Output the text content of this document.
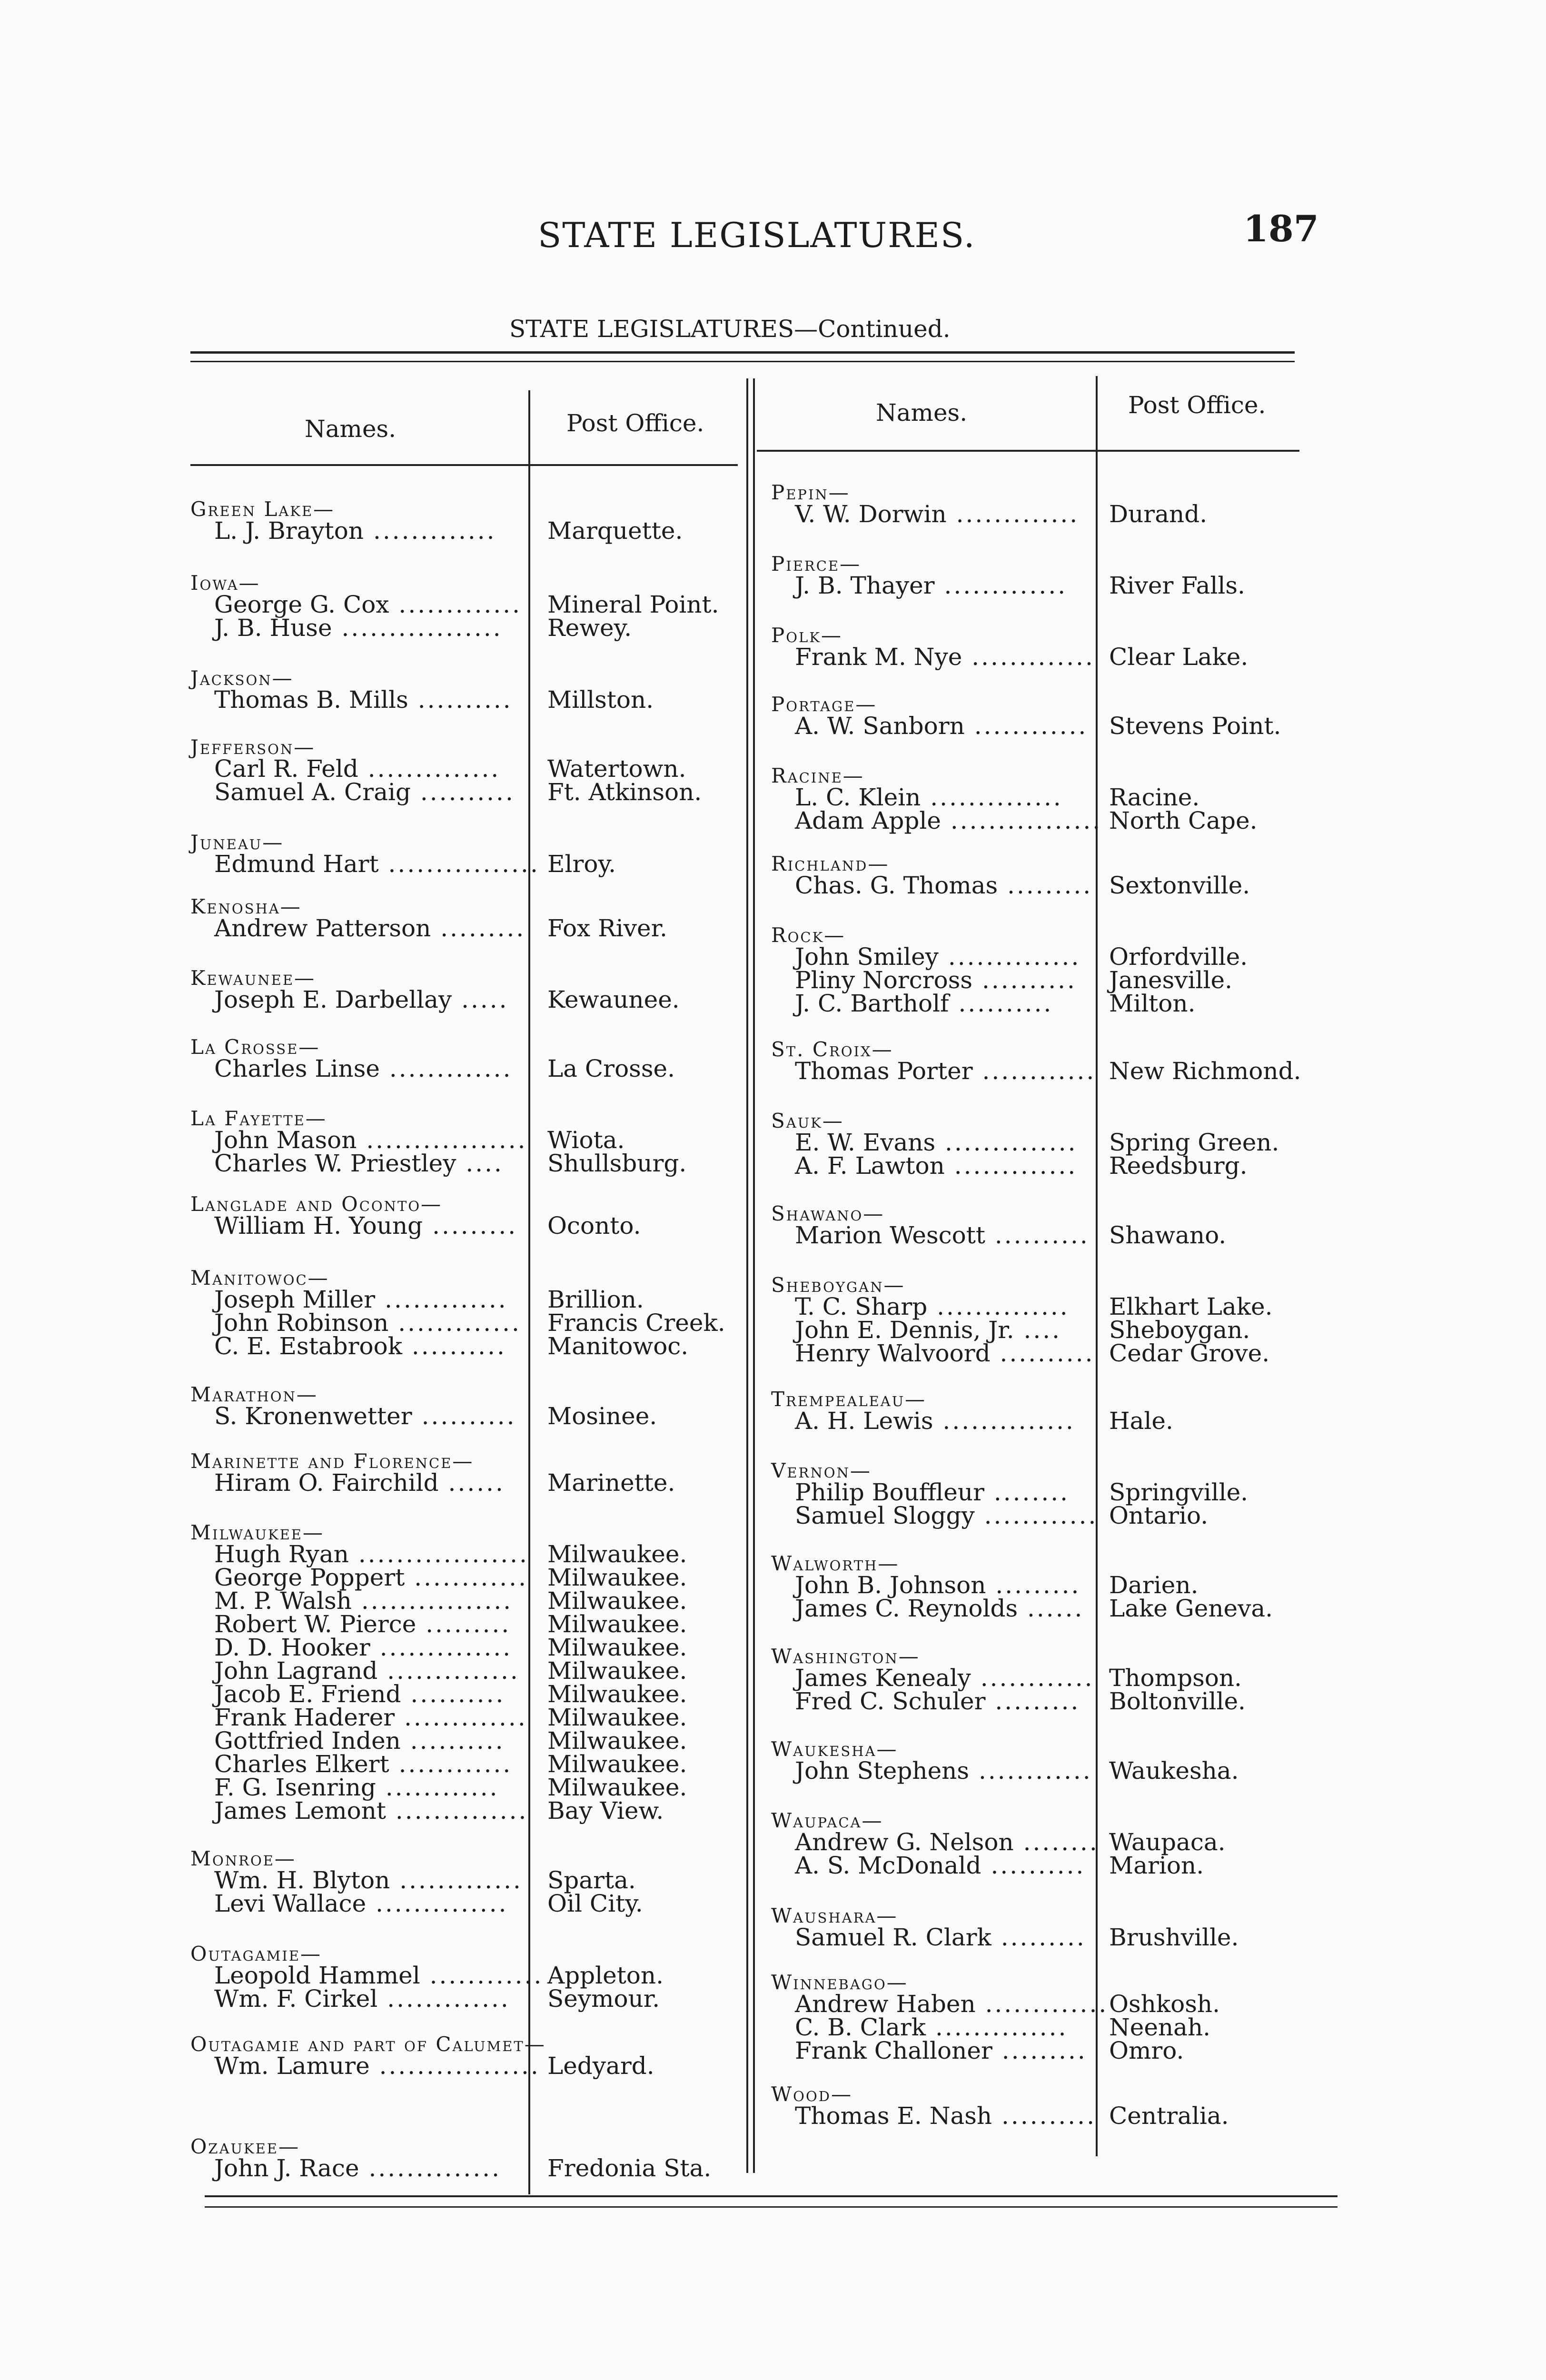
STATE LEGISLATURES.	187
STATE LEGISLATURES—Continued.
Names.	Post Office.	Names.	Post Office.
Green Lake—
L. J. Brayton .............	Marquette.
Iowa—
George G. Cox ............. Mineral Point.
J. B. Huse .................	Rewey.
Jackson—
Thomas B. Mills .......... Millston.
Jefferson—
Carl R. Feld ..............	Watertown.
Samuel A. Craig .......... Ft. Atkinson.
Juneau—
Edmund Hart ................ Elroy.
Kenosha—
Andrew Patterson ......... Fox River.
Kewaunee—
Joseph E. Darbellay .....	Kewaunee.
La Crosse—
Charles Linse ............. La Crosse.
La Fayette—
John Mason ................. Wiota.
Charles W. Priestley ....	Shullsburg.
Langlade and Oconto—
William H. Young ......... Oconto.
Manitowoc—
Joseph Miller .............	Brillion.
John Robinson ............. Francis Creek.
C. E. Estabrook ..........	Manitowoc.
Marathon—
S. Kronenwetter .......... Mosinee.
Marinette and Florence—
Hiram O. Fairchild ......	Marinette.
Milwaukee—
Hugh Ryan .................. Milwaukee.
George Poppert ............ Milwaukee.
M. P. Walsh ................ Milwaukee.
Robert W. Pierce .........	Milwaukee.
D. D. Hooker .............. Milwaukee.
John Lagrand .............. Milwaukee.
Jacob E. Friend ..........	Milwaukee.
Frank Haderer ............. Milwaukee.
Gottfried Inden ..........	Milwaukee.
Charles Elkert ............ Milwaukee.
F. G. Isenring ............	Milwaukee.
James Lemont .............. Bay View.
Monroe—
Wm. H. Blyton ............. Sparta.
Levi Wallace ..............	Oil City.
Outagamie—
Leopold Hammel ............ Appleton.
Wm. F. Cirkel .............	Seymour.
Outagamie and part of Calumet—
Wm. Lamure ................. Ledyard.
Ozaukee—
John J. Race ..............	Fredonia Sta.
Pepin—
V. W. Dorwin .............	Durand.
Pierce—
J. B. Thayer .............	River Falls.
Polk—
Frank M. Nye ............. Clear Lake.
Portage—
A. W. Sanborn ............ Stevens Point.
Racine—
L. C. Klein ..............	Racine.
Adam Apple ................ North Cape.
Richland—
Chas. G. Thomas ......... Sextonville.
Rock—
John Smiley .............. Orfordville.
Pliny Norcross ..........	Janesville.
J. C. Bartholf ..........	Milton.
St. Croix—
Thomas Porter ............ New Richmond.
Sauk—
E. W. Evans ..............	Spring Green.
A. F. Lawton .............	Reedsburg.
Shawano—
Marion Wescott .......... Shawano.
Sheboygan—
T. C. Sharp ..............	Elkhart Lake.
John E. Dennis, Jr. ....	Sheboygan.
Henry Walvoord .......... Cedar Grove.
Trempealeau—
A. H. Lewis ..............	Hale.
Vernon—
Philip Bouffleur ........	Springville.
Samuel Sloggy ............ Ontario.
Walworth—
John B. Johnson ......... Darien.
James C. Reynolds ...... Lake Geneva.
Washington—
James Kenealy ............ Thompson.
Fred C. Schuler .........	Boltonville.
Waukesha—
John Stephens ............ Waukesha.
Waupaca—
Andrew G. Nelson ........ Waupaca.
A. S. McDonald .......... Marion.
Waushara—
Samuel R. Clark ......... Brushville.
Winnebago—
Andrew Haben ............. Oshkosh.
C. B. Clark ..............	Neenah.
Frank Challoner ......... Omro.
Wood—
Thomas E. Nash .......... Centralia.
